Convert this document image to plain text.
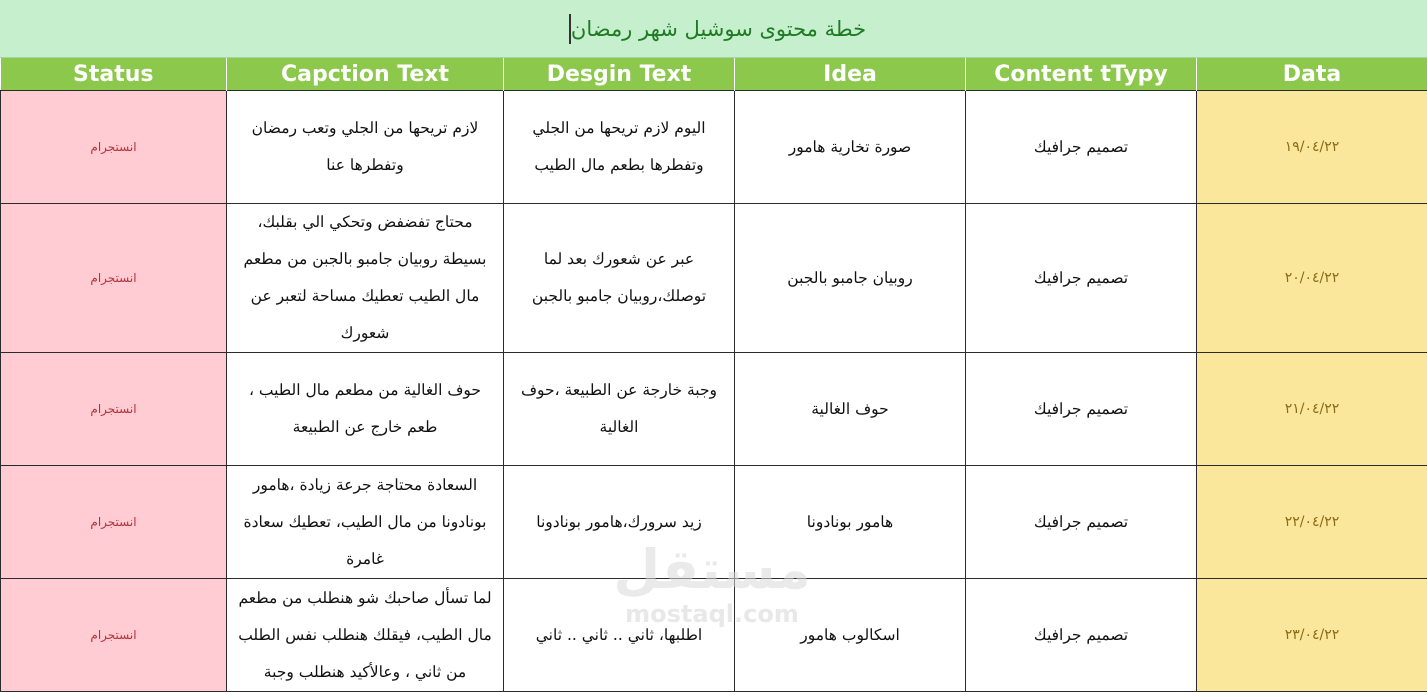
خطة محتوى سوشيل شهر رمضان
Status	Capction Text	Desgin Text	Idea	Content tTypy	Data
انستجرام	لازم تريحها من الجلي وتعب رمضان وتفطرها عنا	اليوم لازم تريحها من الجلي وتفطرها بطعم مال الطيب	صورة تخارية هامور	تصميم جرافيك	١٩/٠٤/٢٢
انستجرام	محتاج تفضفض وتحكي الي بقلبك، بسيطة روبيان جامبو بالجبن من مطعم مال الطيب تعطيك مساحة لتعبر عن شعورك	عبر عن شعورك بعد لما توصلك،روبيان جامبو بالجبن	روبيان جامبو بالجبن	تصميم جرافيك	٢٠/٠٤/٢٢
انستجرام	حوف الغالية من مطعم مال الطيب ، طعم خارج عن الطبيعة	وجبة خارجة عن الطبيعة ،حوف الغالية	حوف الغالية	تصميم جرافيك	٢١/٠٤/٢٢
انستجرام	السعادة محتاجة جرعة زيادة ،هامور بونادونا من مال الطيب، تعطيك سعادة غامرة	زيد سرورك،هامور بونادونا	هامور بونادونا	تصميم جرافيك	٢٢/٠٤/٢٢
انستجرام	لما تسأل صاحبك شو هنطلب من مطعم مال الطيب، فيقلك هنطلب نفس الطلب من ثاني ، وعالأكيد هنطلب وجبة	اطلبها، ثاني .. ثاني .. ثاني	اسكالوب هامور	تصميم جرافيك	٢٣/٠٤/٢٢
مستقل
mostaql.com
